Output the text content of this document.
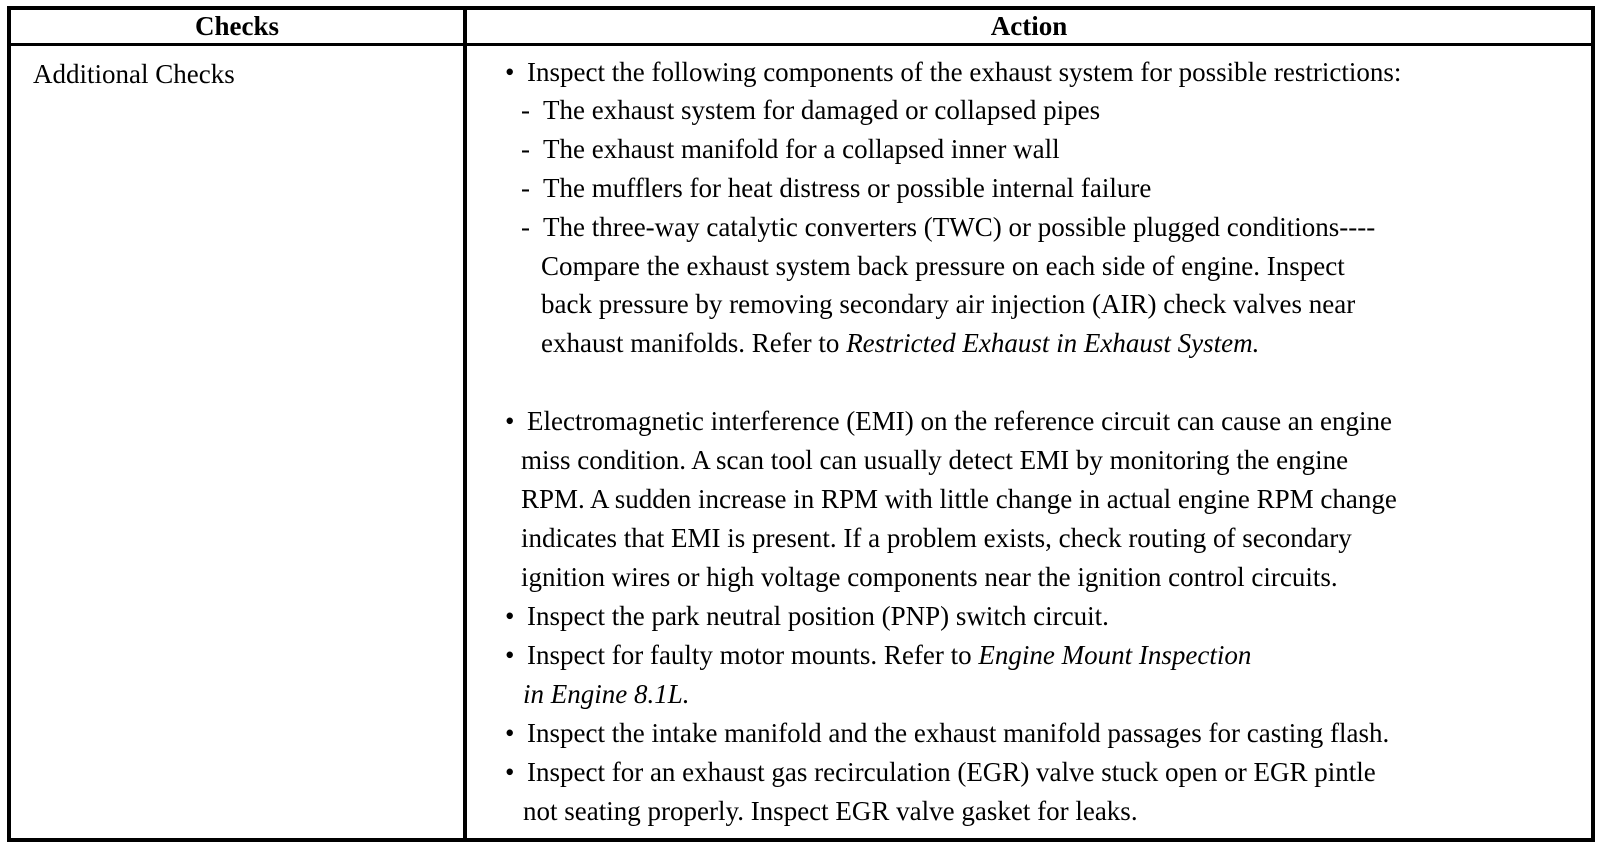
Checks	Action
Additional Checks	• Inspect the following components of the exhaust system for possible restrictions:
- The exhaust system for damaged or collapsed pipes
- The exhaust manifold for a collapsed inner wall
- The mufflers for heat distress or possible internal failure
- The three-way catalytic converters (TWC) or possible plugged conditions----
Compare the exhaust system back pressure on each side of engine. Inspect
back pressure by removing secondary air injection (AIR) check valves near
exhaust manifolds. Refer to Restricted Exhaust in Exhaust System.
• Electromagnetic interference (EMI) on the reference circuit can cause an engine
miss condition. A scan tool can usually detect EMI by monitoring the engine
RPM. A sudden increase in RPM with little change in actual engine RPM change
indicates that EMI is present. If a problem exists, check routing of secondary
ignition wires or high voltage components near the ignition control circuits.
• Inspect the park neutral position (PNP) switch circuit.
• Inspect for faulty motor mounts. Refer to Engine Mount Inspection
in Engine 8.1L.
• Inspect the intake manifold and the exhaust manifold passages for casting flash.
• Inspect for an exhaust gas recirculation (EGR) valve stuck open or EGR pintle
not seating properly. Inspect EGR valve gasket for leaks.
